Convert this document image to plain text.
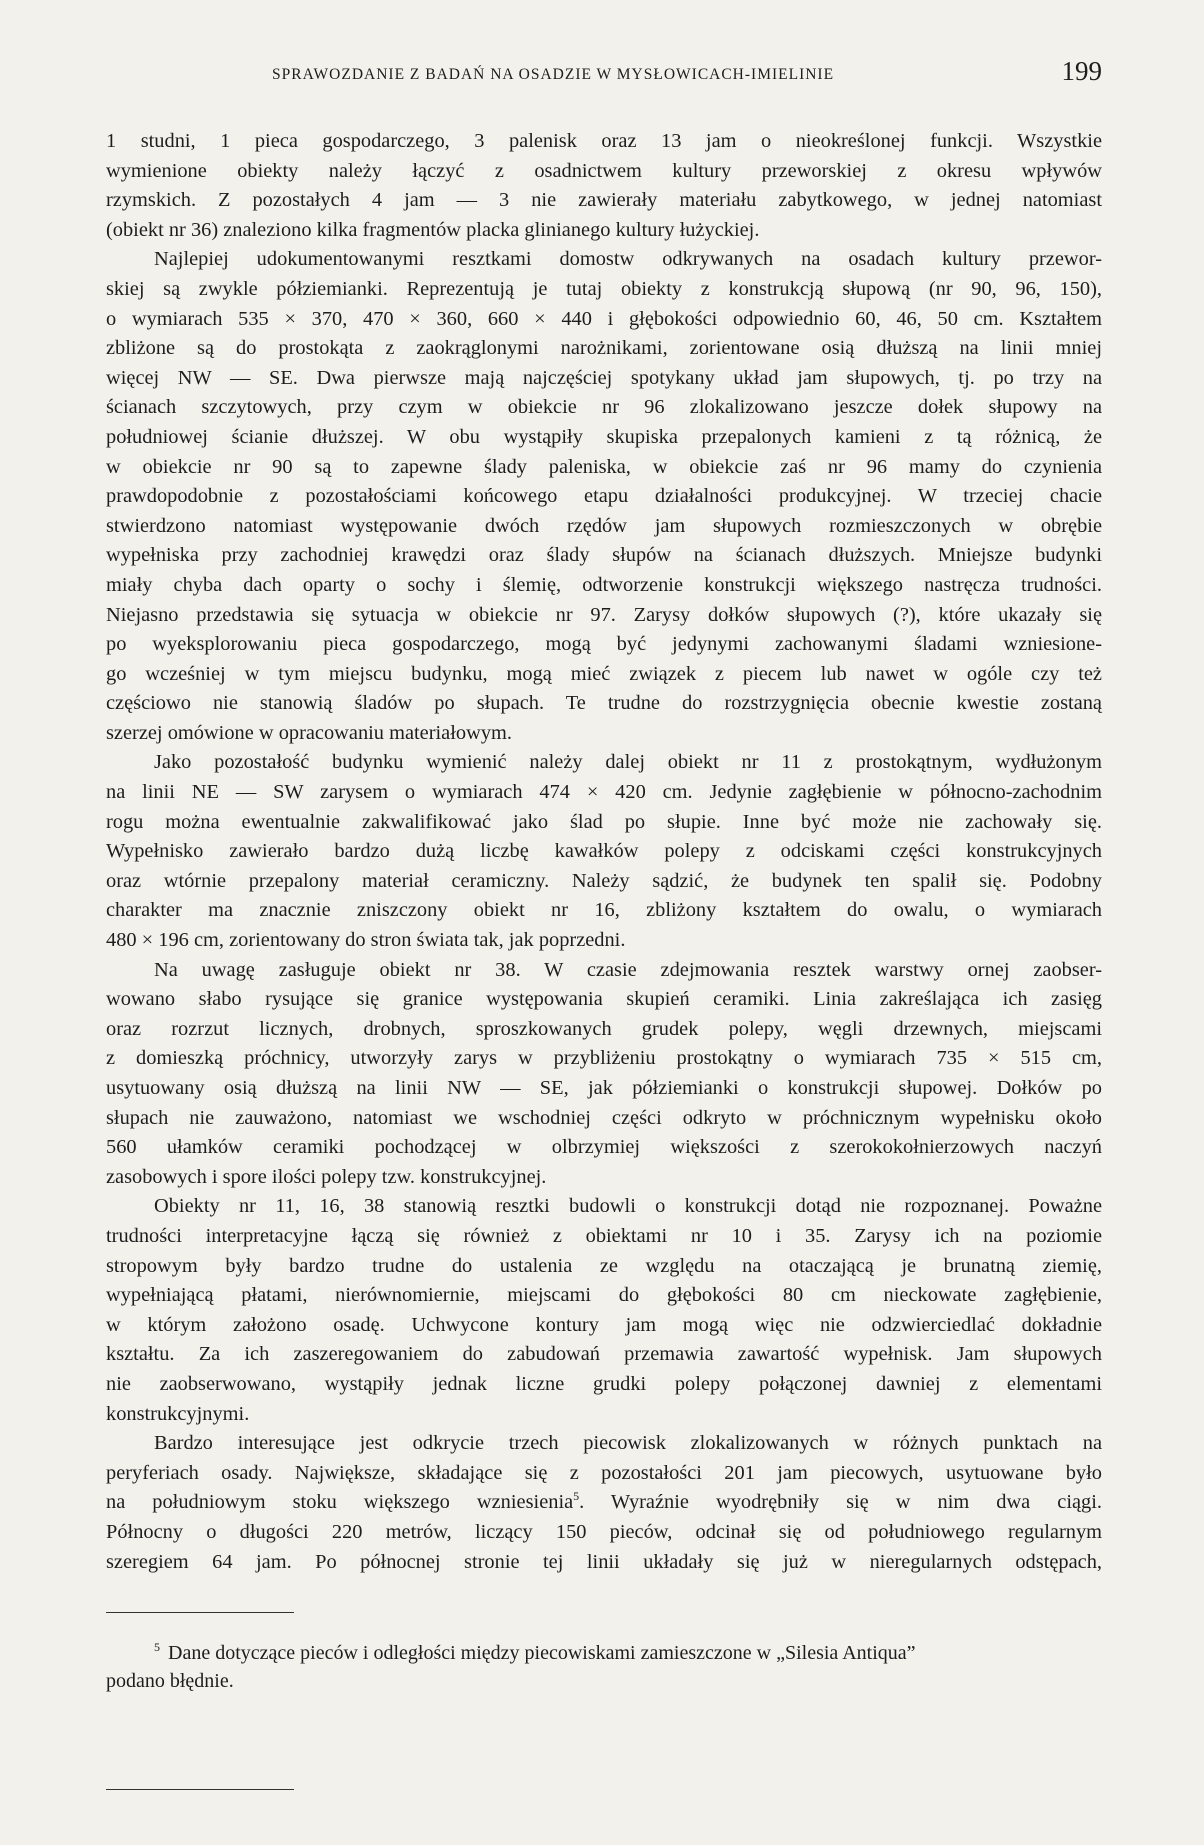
SPRAWOZDANIE Z BADAŃ NA OSADZIE W MYSŁOWICACH-IMIELINIE	199
1 studni, 1 pieca gospodarczego, 3 palenisk oraz 13 jam o nieokreślonej funkcji. Wszystkie
wymienione obiekty należy łączyć z osadnictwem kultury przeworskiej z okresu wpływów
rzymskich. Z pozostałych 4 jam — 3 nie zawierały materiału zabytkowego, w jednej natomiast
(obiekt nr 36) znaleziono kilka fragmentów placka glinianego kultury łużyckiej.
Najlepiej udokumentowanymi resztkami domostw odkrywanych na osadach kultury przewor-
skiej są zwykle półziemianki. Reprezentują je tutaj obiekty z konstrukcją słupową (nr 90, 96, 150),
o wymiarach 535 × 370, 470 × 360, 660 × 440 i głębokości odpowiednio 60, 46, 50 cm. Kształtem
zbliżone są do prostokąta z zaokrąglonymi narożnikami, zorientowane osią dłuższą na linii mniej
więcej NW — SE. Dwa pierwsze mają najczęściej spotykany układ jam słupowych, tj. po trzy na
ścianach szczytowych, przy czym w obiekcie nr 96 zlokalizowano jeszcze dołek słupowy na
południowej ścianie dłuższej. W obu wystąpiły skupiska przepalonych kamieni z tą różnicą, że
w obiekcie nr 90 są to zapewne ślady paleniska, w obiekcie zaś nr 96 mamy do czynienia
prawdopodobnie z pozostałościami końcowego etapu działalności produkcyjnej. W trzeciej chacie
stwierdzono natomiast występowanie dwóch rzędów jam słupowych rozmieszczonych w obrębie
wypełniska przy zachodniej krawędzi oraz ślady słupów na ścianach dłuższych. Mniejsze budynki
miały chyba dach oparty o sochy i ślemię, odtworzenie konstrukcji większego nastręcza trudności.
Niejasno przedstawia się sytuacja w obiekcie nr 97. Zarysy dołków słupowych (?), które ukazały się
po wyeksplorowaniu pieca gospodarczego, mogą być jedynymi zachowanymi śladami wzniesione-
go wcześniej w tym miejscu budynku, mogą mieć związek z piecem lub nawet w ogóle czy też
częściowo nie stanowią śladów po słupach. Te trudne do rozstrzygnięcia obecnie kwestie zostaną
szerzej omówione w opracowaniu materiałowym.
Jako pozostałość budynku wymienić należy dalej obiekt nr 11 z prostokątnym, wydłużonym
na linii NE — SW zarysem o wymiarach 474 × 420 cm. Jedynie zagłębienie w północno-zachodnim
rogu można ewentualnie zakwalifikować jako ślad po słupie. Inne być może nie zachowały się.
Wypełnisko zawierało bardzo dużą liczbę kawałków polepy z odciskami części konstrukcyjnych
oraz wtórnie przepalony materiał ceramiczny. Należy sądzić, że budynek ten spalił się. Podobny
charakter ma znacznie zniszczony obiekt nr 16, zbliżony kształtem do owalu, o wymiarach
480 × 196 cm, zorientowany do stron świata tak, jak poprzedni.
Na uwagę zasługuje obiekt nr 38. W czasie zdejmowania resztek warstwy ornej zaobser-
wowano słabo rysujące się granice występowania skupień ceramiki. Linia zakreślająca ich zasięg
oraz rozrzut licznych, drobnych, sproszkowanych grudek polepy, węgli drzewnych, miejscami
z domieszką próchnicy, utworzyły zarys w przybliżeniu prostokątny o wymiarach 735 × 515 cm,
usytuowany osią dłuższą na linii NW — SE, jak półziemianki o konstrukcji słupowej. Dołków po
słupach nie zauważono, natomiast we wschodniej części odkryto w próchnicznym wypełnisku około
560 ułamków ceramiki pochodzącej w olbrzymiej większości z szerokokołnierzowych naczyń
zasobowych i spore ilości polepy tzw. konstrukcyjnej.
Obiekty nr 11, 16, 38 stanowią resztki budowli o konstrukcji dotąd nie rozpoznanej. Poważne
trudności interpretacyjne łączą się również z obiektami nr 10 i 35. Zarysy ich na poziomie
stropowym były bardzo trudne do ustalenia ze względu na otaczającą je brunatną ziemię,
wypełniającą płatami, nierównomiernie, miejscami do głębokości 80 cm nieckowate zagłębienie,
w którym założono osadę. Uchwycone kontury jam mogą więc nie odzwierciedlać dokładnie
kształtu. Za ich zaszeregowaniem do zabudowań przemawia zawartość wypełnisk. Jam słupowych
nie zaobserwowano, wystąpiły jednak liczne grudki polepy połączonej dawniej z elementami
konstrukcyjnymi.
Bardzo interesujące jest odkrycie trzech piecowisk zlokalizowanych w różnych punktach na
peryferiach osady. Największe, składające się z pozostałości 201 jam piecowych, usytuowane było
na południowym stoku większego wzniesienia$^5$. Wyraźnie wyodrębniły się w nim dwa ciągi.
Północny o długości 220 metrów, liczący 150 pieców, odcinał się od południowego regularnym
szeregiem 64 jam. Po północnej stronie tej linii układały się już w nieregularnych odstępach,
$^5$ Dane dotyczące pieców i odległości między piecowiskami zamieszczone w „Silesia Antiqua”
podano błędnie.
